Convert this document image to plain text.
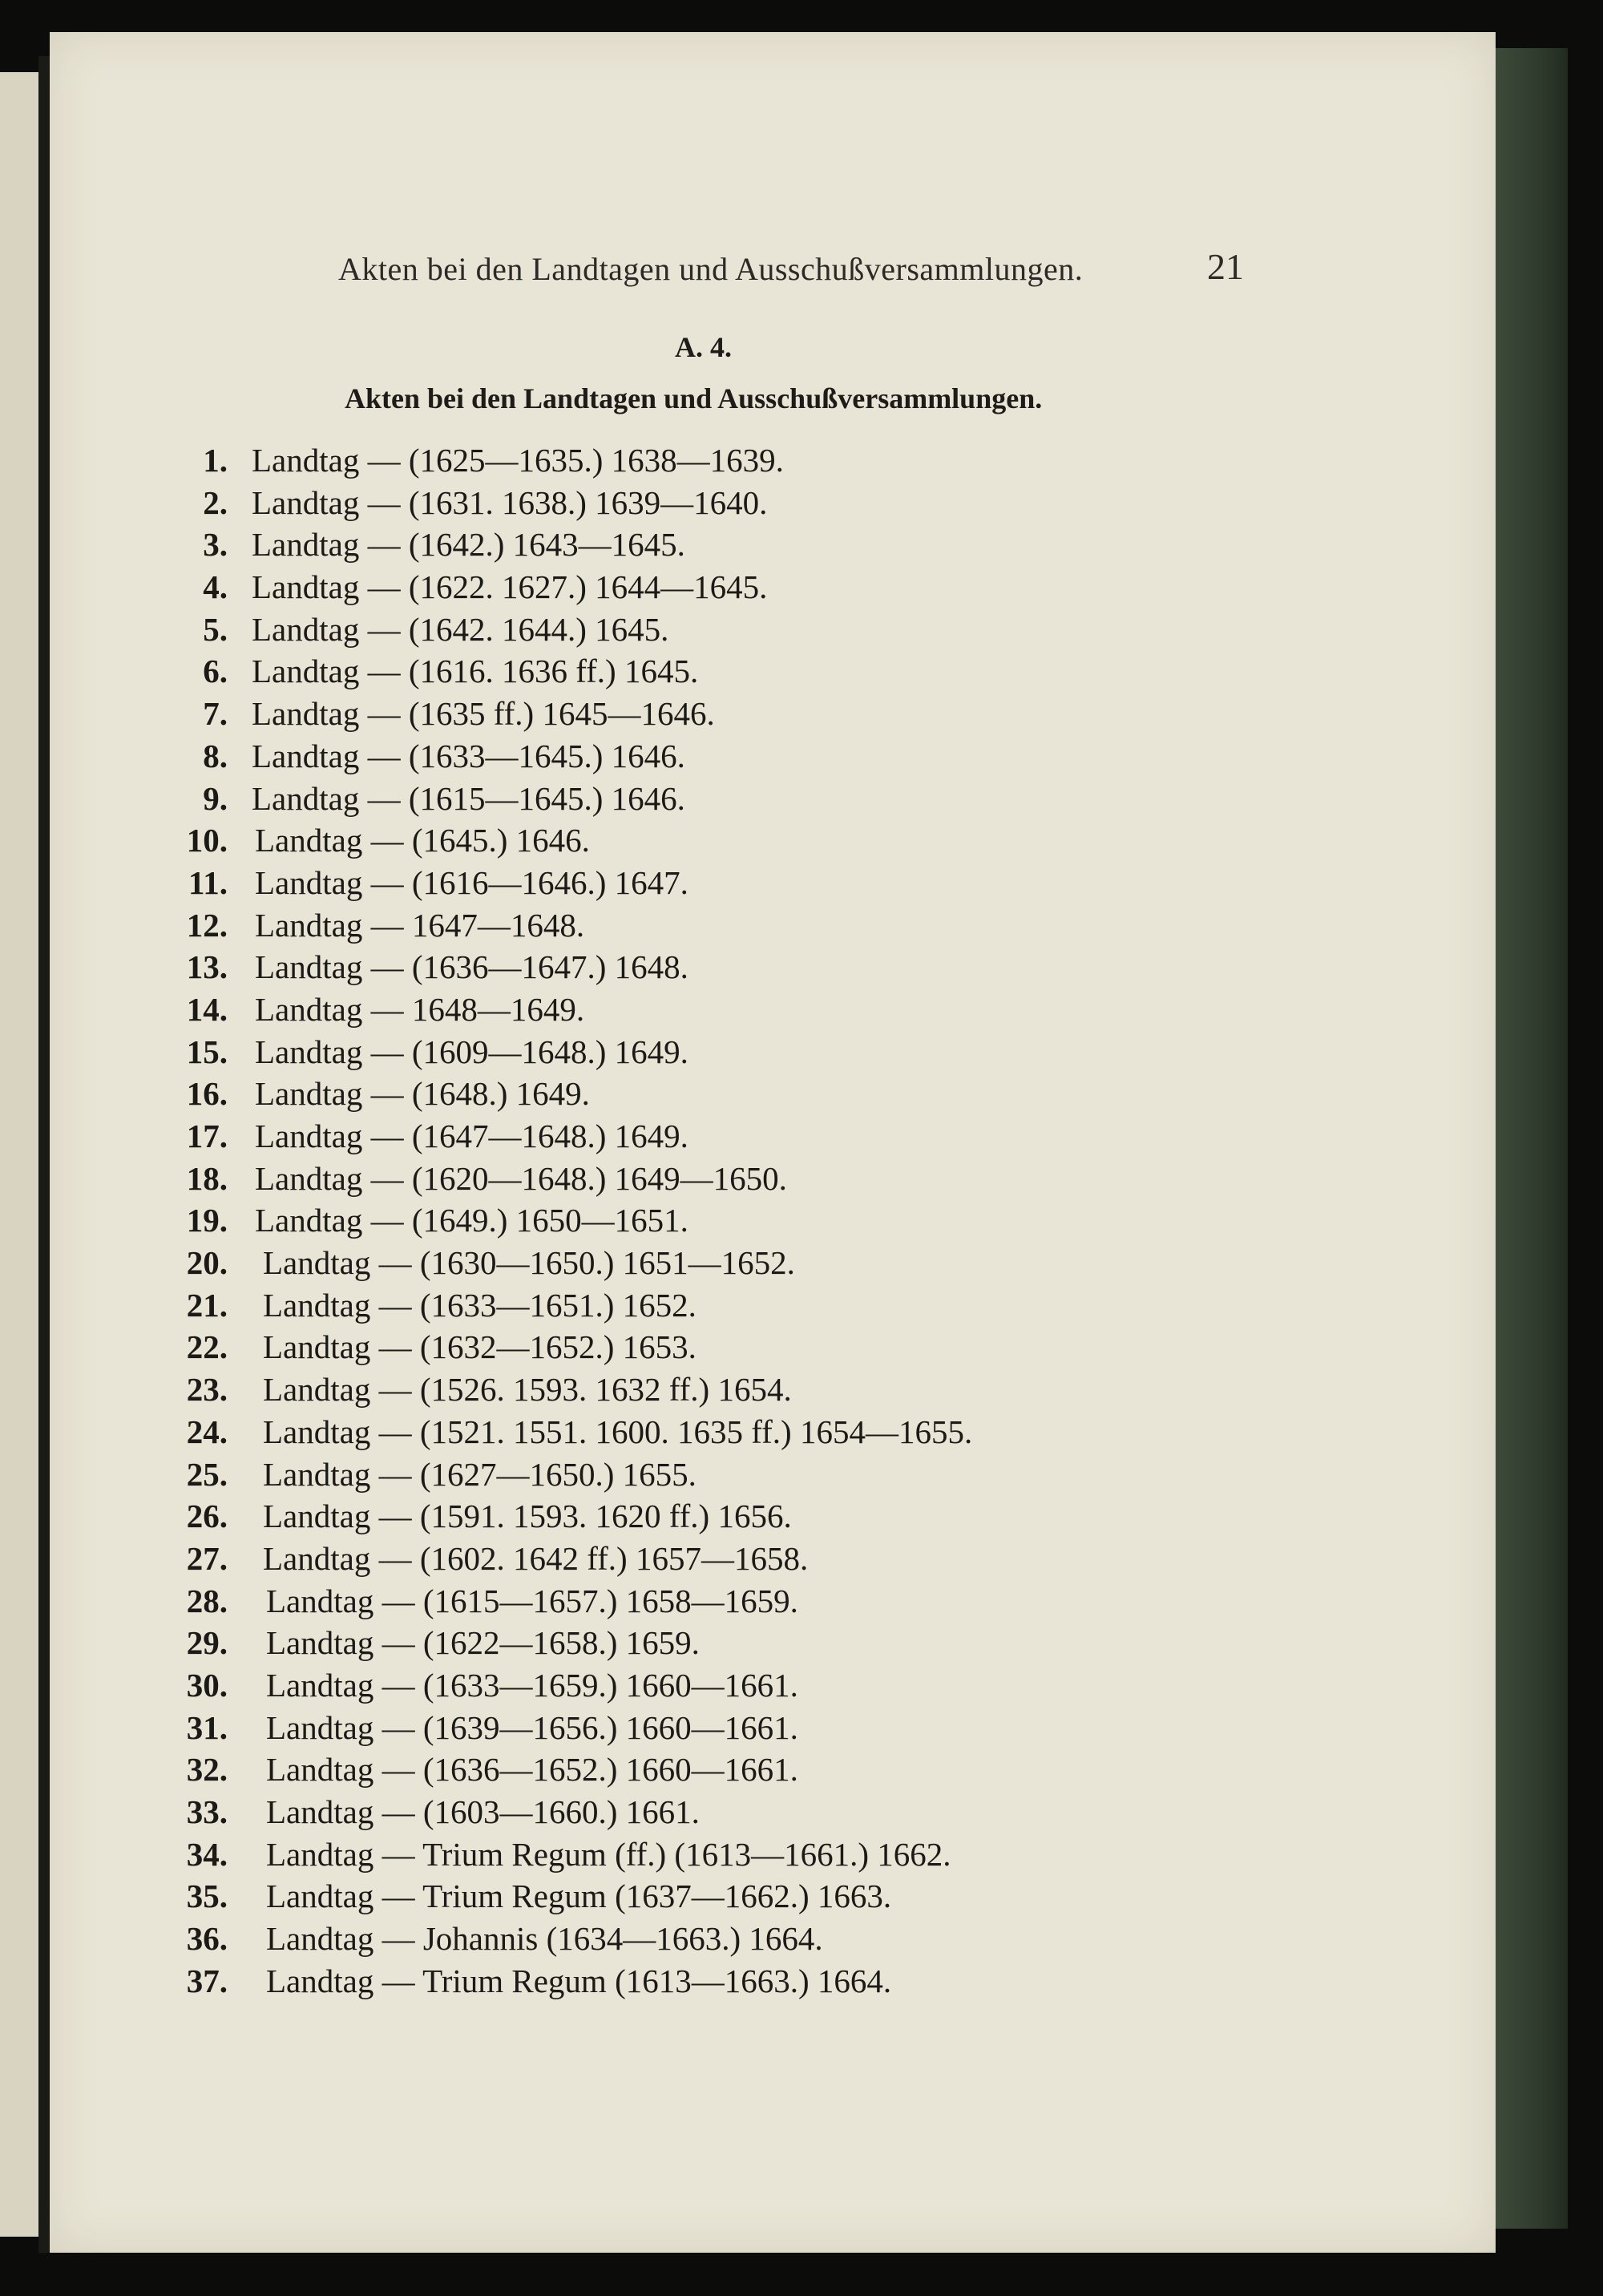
Akten bei den Landtagen und Ausschußversammlungen.	21
A. 4.
Akten bei den Landtagen und Ausschußversammlungen.
1. Landtag — (1625—1635.) 1638—1639.
2. Landtag — (1631. 1638.) 1639—1640.
3. Landtag — (1642.) 1643—1645.
4. Landtag — (1622. 1627.) 1644—1645.
5. Landtag — (1642. 1644.) 1645.
6. Landtag — (1616. 1636 ff.) 1645.
7. Landtag — (1635 ff.) 1645—1646.
8. Landtag — (1633—1645.) 1646.
9. Landtag — (1615—1645.) 1646.
10. Landtag — (1645.) 1646.
11. Landtag — (1616—1646.) 1647.
12. Landtag — 1647—1648.
13. Landtag — (1636—1647.) 1648.
14. Landtag — 1648—1649.
15. Landtag — (1609—1648.) 1649.
16. Landtag — (1648.) 1649.
17. Landtag — (1647—1648.) 1649.
18. Landtag — (1620—1648.) 1649—1650.
19. Landtag — (1649.) 1650—1651.
20. Landtag — (1630—1650.) 1651—1652.
21. Landtag — (1633—1651.) 1652.
22. Landtag — (1632—1652.) 1653.
23. Landtag — (1526. 1593. 1632 ff.) 1654.
24. Landtag — (1521. 1551. 1600. 1635 ff.) 1654—1655.
25. Landtag — (1627—1650.) 1655.
26. Landtag — (1591. 1593. 1620 ff.) 1656.
27. Landtag — (1602. 1642 ff.) 1657—1658.
28. Landtag — (1615—1657.) 1658—1659.
29. Landtag — (1622—1658.) 1659.
30. Landtag — (1633—1659.) 1660—1661.
31. Landtag — (1639—1656.) 1660—1661.
32. Landtag — (1636—1652.) 1660—1661.
33. Landtag — (1603—1660.) 1661.
34. Landtag — Trium Regum (ff.) (1613—1661.) 1662.
35. Landtag — Trium Regum (1637—1662.) 1663.
36. Landtag — Johannis (1634—1663.) 1664.
37. Landtag — Trium Regum (1613—1663.) 1664.
